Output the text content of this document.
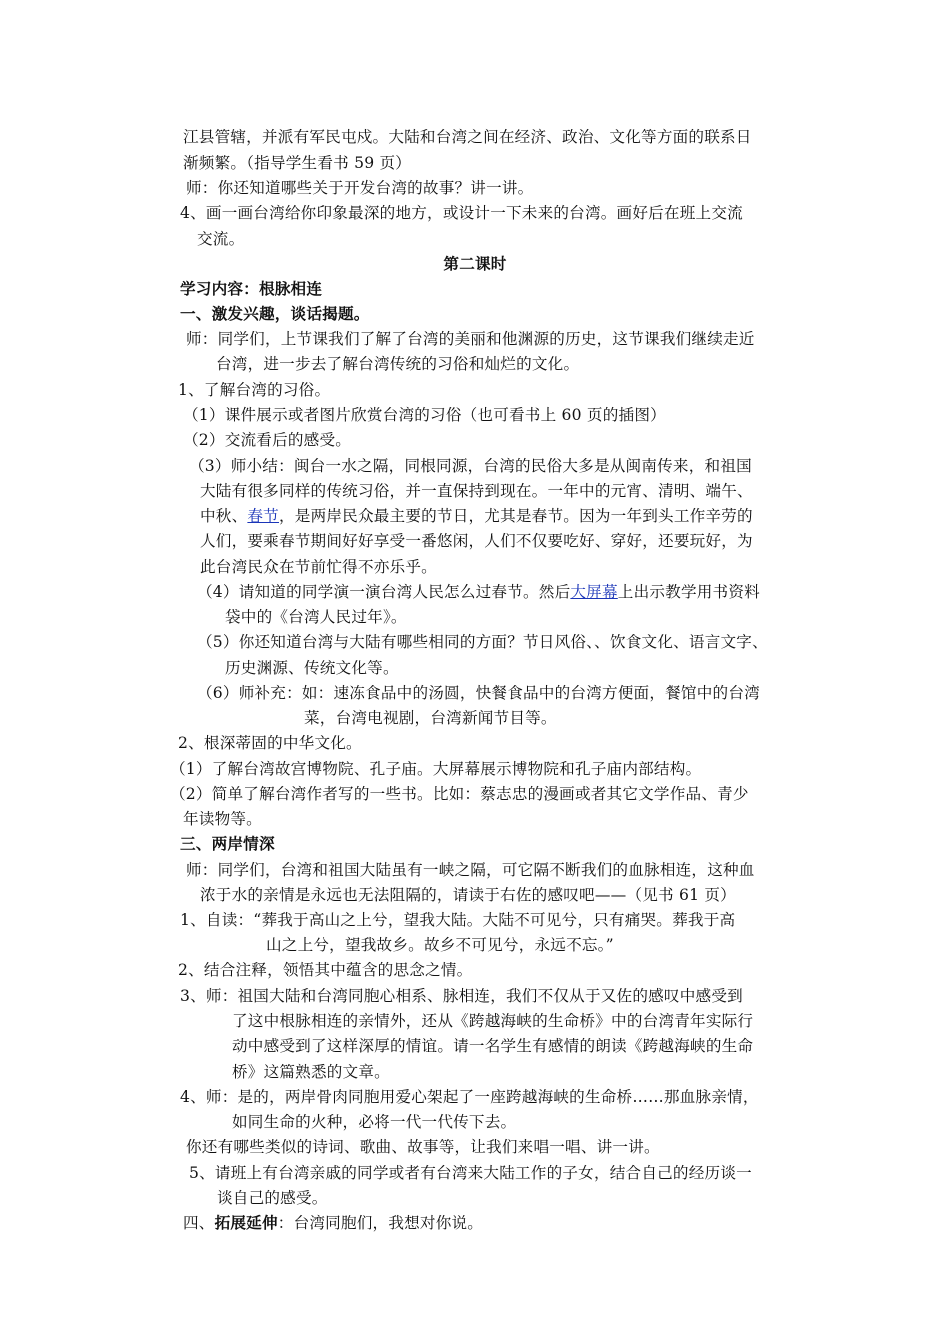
江县管辖，并派有军民屯戍。大陆和台湾之间在经济、政治、文化等方面的联系日
渐频繁。（指导学生看书 59 页）
师：你还知道哪些关于开发台湾的故事？讲一讲。
4、画一画台湾给你印象最深的地方，或设计一下未来的台湾。画好后在班上交流
交流。
第二课时
学习内容：根脉相连
一、激发兴趣，谈话揭题。
师：同学们，上节课我们了解了台湾的美丽和他渊源的历史，这节课我们继续走近
台湾，进一步去了解台湾传统的习俗和灿烂的文化。
1、了解台湾的习俗。
（1）课件展示或者图片欣赏台湾的习俗（也可看书上 60 页的插图）
（2）交流看后的感受。
（3）师小结：闽台一水之隔，同根同源，台湾的民俗大多是从闽南传来，和祖国
大陆有很多同样的传统习俗，并一直保持到现在。一年中的元宵、清明、端午、
中秋、春节，是两岸民众最主要的节日，尤其是春节。因为一年到头工作辛劳的
人们，要乘春节期间好好享受一番悠闲，人们不仅要吃好、穿好，还要玩好，为
此台湾民众在节前忙得不亦乐乎。
（4）请知道的同学演一演台湾人民怎么过春节。然后大屏幕上出示教学用书资料
袋中的《台湾人民过年》。
（5）你还知道台湾与大陆有哪些相同的方面？节日风俗、、饮食文化、语言文字、
历史渊源、传统文化等。
（6）师补充：如：速冻食品中的汤圆，快餐食品中的台湾方便面，餐馆中的台湾
菜，台湾电视剧，台湾新闻节目等。
2、根深蒂固的中华文化。
（1）了解台湾故宫博物院、孔子庙。大屏幕展示博物院和孔子庙内部结构。
（2）简单了解台湾作者写的一些书。比如：蔡志忠的漫画或者其它文学作品、青少
年读物等。
三、两岸情深
师：同学们，台湾和祖国大陆虽有一峡之隔，可它隔不断我们的血脉相连，这种血
浓于水的亲情是永远也无法阻隔的，请读于右佐的感叹吧——（见书 61 页）
1、自读：“葬我于高山之上兮，望我大陆。大陆不可见兮，只有痛哭。葬我于高
山之上兮，望我故乡。故乡不可见兮，永远不忘。”
2、结合注释，领悟其中蕴含的思念之情。
3、师：祖国大陆和台湾同胞心相系、脉相连，我们不仅从于又佐的感叹中感受到
了这中根脉相连的亲情外，还从《跨越海峡的生命桥》中的台湾青年实际行
动中感受到了这样深厚的情谊。请一名学生有感情的朗读《跨越海峡的生命
桥》这篇熟悉的文章。
4、师：是的，两岸骨肉同胞用爱心架起了一座跨越海峡的生命桥……那血脉亲情，
如同生命的火种，必将一代一代传下去。
你还有哪些类似的诗词、歌曲、故事等，让我们来唱一唱、讲一讲。
5、请班上有台湾亲戚的同学或者有台湾来大陆工作的子女，结合自己的经历谈一
谈自己的感受。
四、拓展延伸：台湾同胞们，我想对你说。
